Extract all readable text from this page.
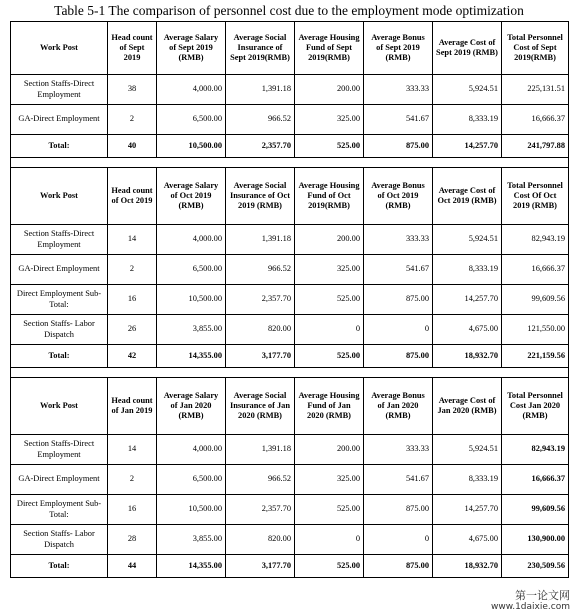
Table 5-1 The comparison of personnel cost due to the employment mode optimization
Work Post	Head count of Sept 2019	Average Salary of Sept 2019 (RMB)	Average Social Insurance of Sept 2019(RMB)	Average Housing Fund of Sept 2019(RMB)	Average Bonus of Sept 2019 (RMB)	Average Cost of Sept 2019 (RMB)	Total Personnel Cost of Sept 2019(RMB)
Section Staffs-Direct Employment	38	4,000.00	1,391.18	200.00	333.33	5,924.51	225,131.51
GA-Direct Employment	2	6,500.00	966.52	325.00	541.67	8,333.19	16,666.37
Total:	40	10,500.00	2,357.70	525.00	875.00	14,257.70	241,797.88

Work Post	Head count of Oct 2019	Average Salary of Oct 2019 (RMB)	Average Social Insurance of Oct 2019 (RMB)	Average Housing Fund of Oct 2019(RMB)	Average Bonus of Oct 2019 (RMB)	Average Cost of Oct 2019 (RMB)	Total Personnel Cost Of Oct 2019 (RMB)
Section Staffs-Direct Employment	14	4,000.00	1,391.18	200.00	333.33	5,924.51	82,943.19
GA-Direct Employment	2	6,500.00	966.52	325.00	541.67	8,333.19	16,666.37
Direct Employment Sub-Total:	16	10,500.00	2,357.70	525.00	875.00	14,257.70	99,609.56
Section Staffs- Labor Dispatch	26	3,855.00	820.00	0	0	4,675.00	121,550.00
Total:	42	14,355.00	3,177.70	525.00	875.00	18,932.70	221,159.56

Work Post	Head count of Jan 2019	Average Salary of Jan 2020 (RMB)	Average Social Insurance of Jan 2020 (RMB)	Average Housing Fund of Jan 2020 (RMB)	Average Bonus of Jan 2020 (RMB)	Average Cost of Jan 2020 (RMB)	Total Personnel Cost Jan 2020 (RMB)
Section Staffs-Direct Employment	14	4,000.00	1,391.18	200.00	333.33	5,924.51	82,943.19
GA-Direct Employment	2	6,500.00	966.52	325.00	541.67	8,333.19	16,666.37
Direct Employment Sub-Total:	16	10,500.00	2,357.70	525.00	875.00	14,257.70	99,609.56
Section Staffs- Labor Dispatch	28	3,855.00	820.00	0	0	4,675.00	130,900.00
Total:	44	14,355.00	3,177.70	525.00	875.00	18,932.70	230,509.56
第一论文网
www.1daixie.com
